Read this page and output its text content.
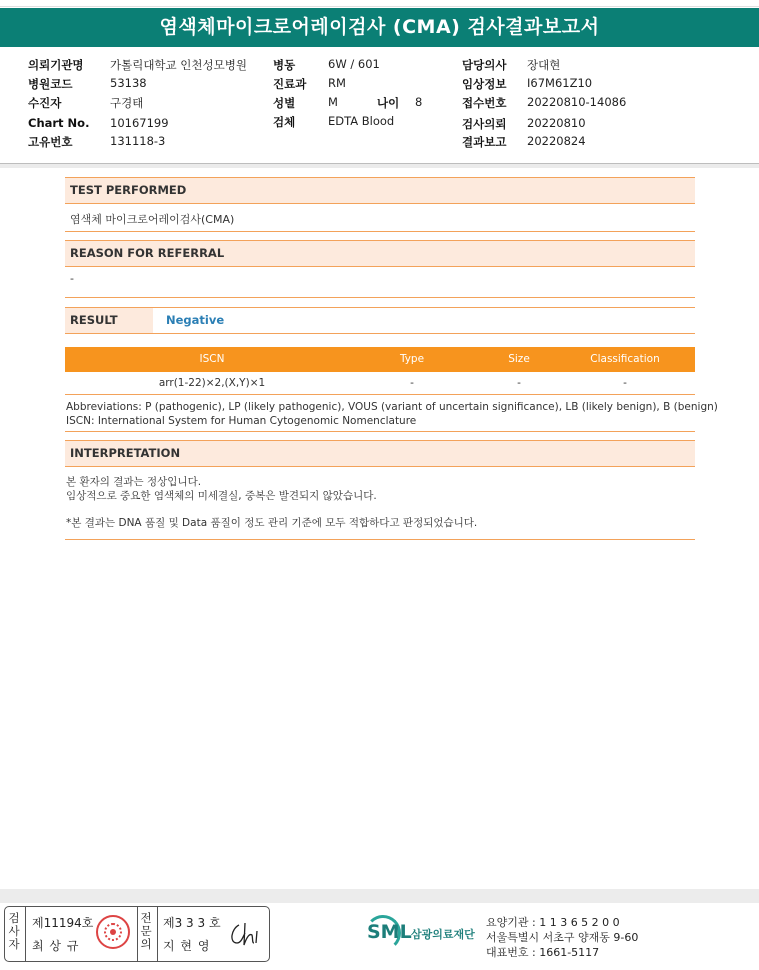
염색체마이크로어레이검사 (CMA) 검사결과보고서
의뢰기관명 가톨릭대학교 인천성모병원
병원코드	53138
수진자	구경태
Chart No. 10167199
고유번호	131118-3
병동	6W / 601
진료과 RM
성별	M	나이 8
검체	EDTA Blood
담당의사 장대현
임상정보 I67M61Z10
접수번호 20220810-14086
검사의뢰 20220810
결과보고 20220824
TEST PERFORMED
염색체 마이크로어레이검사(CMA)
REASON FOR REFERRAL
-
RESULT	Negative
ISCN	Type	Size	Classification
arr(1-22)×2,(X,Y)×1	-	-	-
Abbreviations: P (pathogenic), LP (likely pathogenic), VOUS (variant of uncertain significance), LB (likely benign), B (benign)
ISCN: International System for Human Cytogenomic Nomenclature
INTERPRETATION
본 환자의 결과는 정상입니다.
임상적으로 중요한 염색체의 미세결실, 중복은 발견되지 않았습니다.
*본 결과는 DNA 품질 및 Data 품질이 정도 관리 기준에 모두 적합하다고 판정되었습니다.
검사자
제11194호
최 상 규
전문의
제3 3 3 호
지 현 영
SML 삼광의료재단
요양기관 : 1 1 3 6 5 2 0 0
서울특별시 서초구 양재동 9-60
대표번호 : 1661-5117
